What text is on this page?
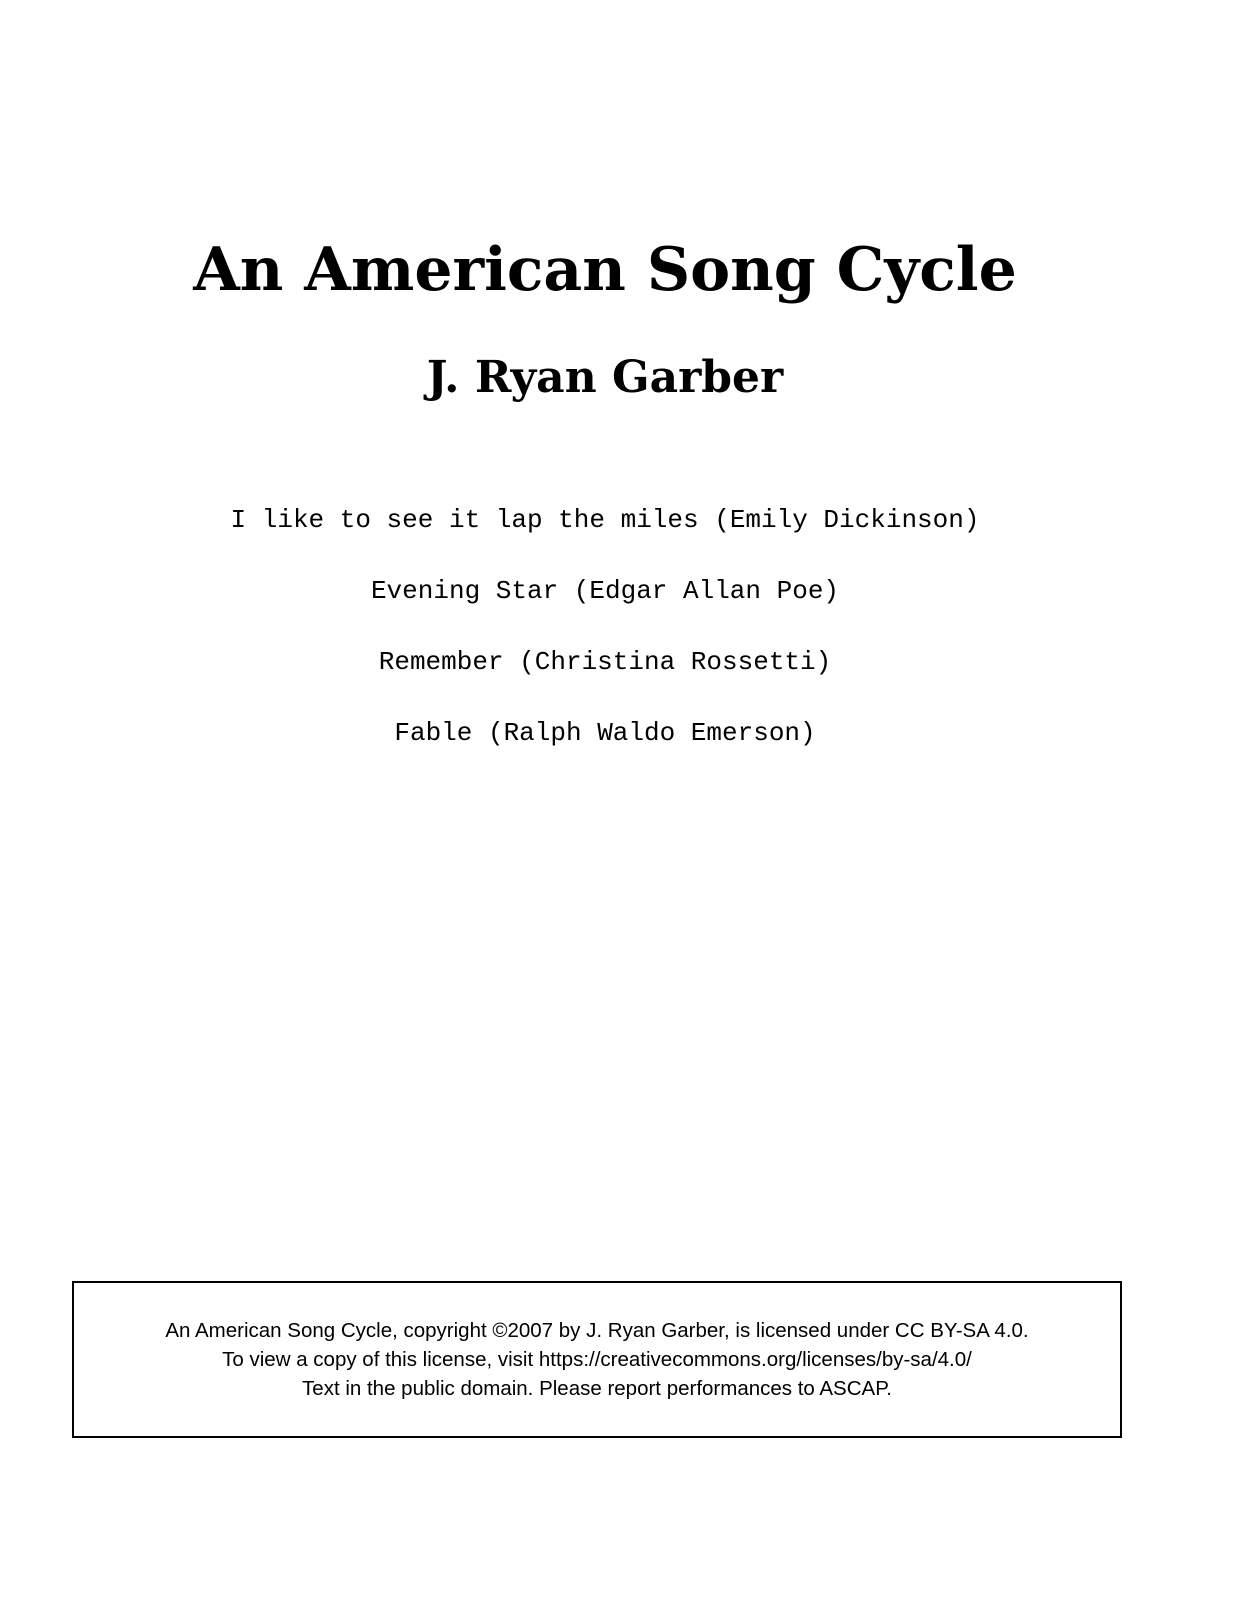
An American Song Cycle
J. Ryan Garber
I like to see it lap the miles (Emily Dickinson)
Evening Star (Edgar Allan Poe)
Remember (Christina Rossetti)
Fable (Ralph Waldo Emerson)
An American Song Cycle, copyright ©2007 by J. Ryan Garber, is licensed under CC BY-SA 4.0.
To view a copy of this license, visit https://creativecommons.org/licenses/by-sa/4.0/
Text in the public domain. Please report performances to ASCAP.
